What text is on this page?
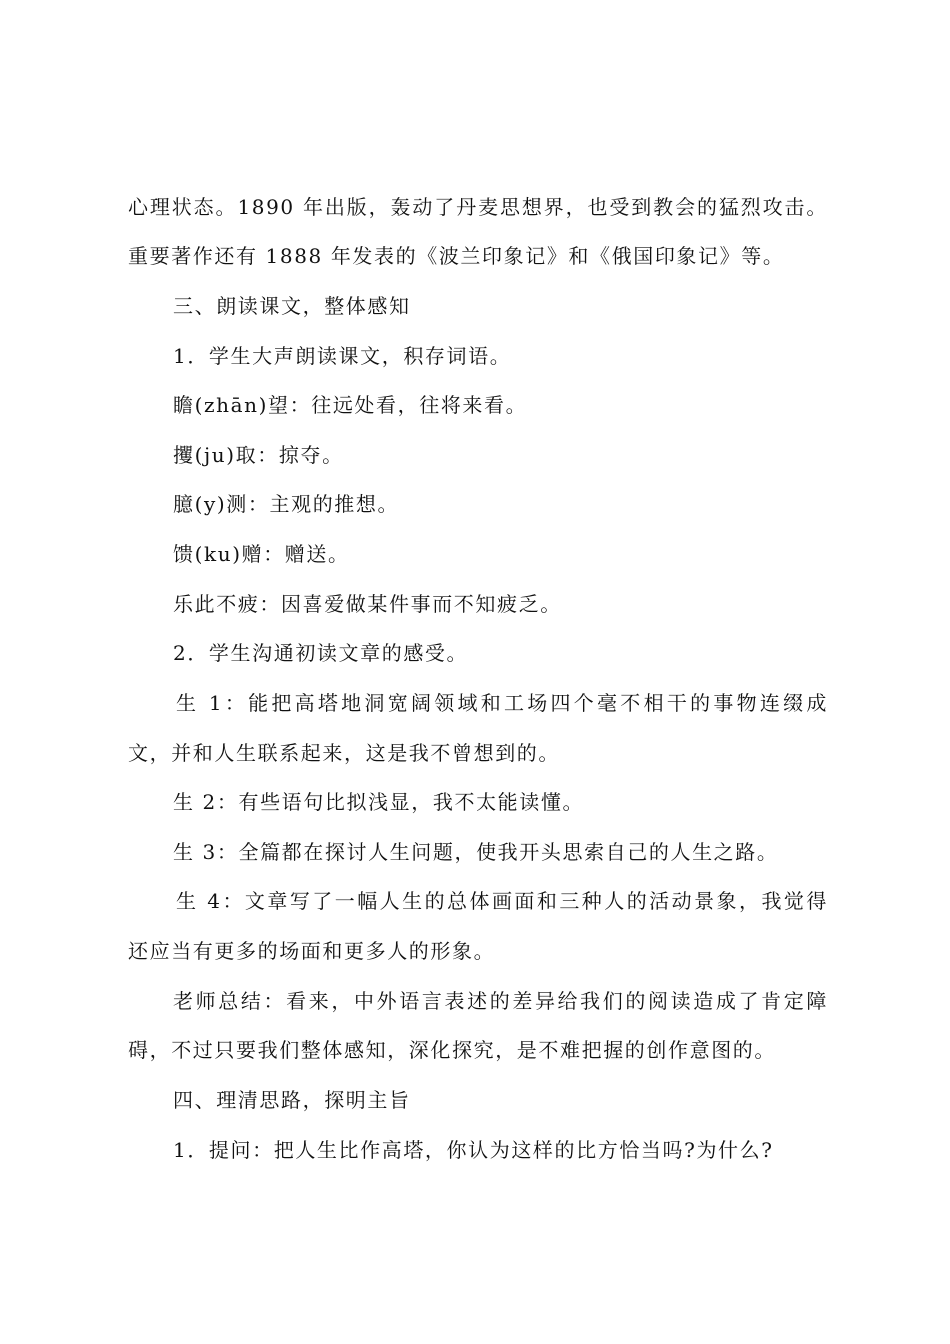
心理状态。1890 年出版，轰动了丹麦思想界，也受到教会的猛烈攻击。
重要著作还有 1888 年发表的《波兰印象记》和《俄国印象记》等。
三、朗读课文，整体感知
1．学生大声朗读课文，积存词语。
瞻(zhān)望：往远处看，往将来看。
攫(ju)取：掠夺。
臆(y)测：主观的推想。
馈(ku)赠：赠送。
乐此不疲：因喜爱做某件事而不知疲乏。
2．学生沟通初读文章的感受。
生 1：能把高塔地洞宽阔领域和工场四个毫不相干的事物连缀成
文，并和人生联系起来，这是我不曾想到的。
生 2：有些语句比拟浅显，我不太能读懂。
生 3：全篇都在探讨人生问题，使我开头思索自己的人生之路。
生 4：文章写了一幅人生的总体画面和三种人的活动景象，我觉得
还应当有更多的场面和更多人的形象。
老师总结：看来，中外语言表述的差异给我们的阅读造成了肯定障
碍，不过只要我们整体感知，深化探究，是不难把握的创作意图的。
四、理清思路，探明主旨
1．提问：把人生比作高塔，你认为这样的比方恰当吗?为什么?
